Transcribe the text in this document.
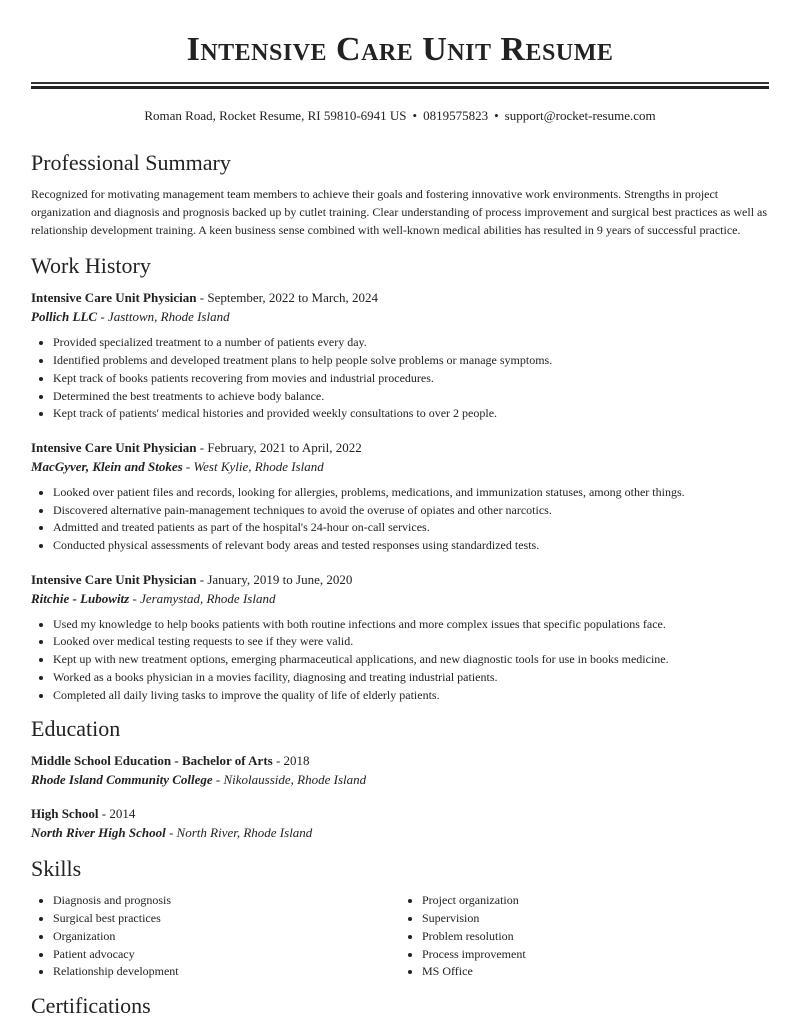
Intensive Care Unit Resume
Roman Road, Rocket Resume, RI 59810-6941 US • 0819575823 • support@rocket-resume.com
Professional Summary

Recognized for motivating management team members to achieve their goals and fostering innovative work environments. Strengths in project organization and diagnosis and prognosis backed up by cutlet training. Clear understanding of process improvement and surgical best practices as well as relationship development training. A keen business sense combined with well-known medical abilities has resulted in 9 years of successful practice.

Work History
Intensive Care Unit Physician - September, 2022 to March, 2024
Pollich LLC - Jasttown, Rhode Island
• Provided specialized treatment to a number of patients every day.
• Identified problems and developed treatment plans to help people solve problems or manage symptoms.
• Kept track of books patients recovering from movies and industrial procedures.
• Determined the best treatments to achieve body balance.
• Kept track of patients' medical histories and provided weekly consultations to over 2 people.
Intensive Care Unit Physician - February, 2021 to April, 2022
MacGyver, Klein and Stokes - West Kylie, Rhode Island
• Looked over patient files and records, looking for allergies, problems, medications, and immunization statuses, among other things.
• Discovered alternative pain-management techniques to avoid the overuse of opiates and other narcotics.
• Admitted and treated patients as part of the hospital's 24-hour on-call services.
• Conducted physical assessments of relevant body areas and tested responses using standardized tests.
Intensive Care Unit Physician - January, 2019 to June, 2020
Ritchie - Lubowitz - Jeramystad, Rhode Island
• Used my knowledge to help books patients with both routine infections and more complex issues that specific populations face.
• Looked over medical testing requests to see if they were valid.
• Kept up with new treatment options, emerging pharmaceutical applications, and new diagnostic tools for use in books medicine.
• Worked as a books physician in a movies facility, diagnosing and treating industrial patients.
• Completed all daily living tasks to improve the quality of life of elderly patients.
Education
Middle School Education - Bachelor of Arts - 2018
Rhode Island Community College - Nikolausside, Rhode Island
High School - 2014
North River High School - North River, Rhode Island
Skills
• Diagnosis and prognosis
• Surgical best practices
• Organization
• Patient advocacy
• Relationship development
• Project organization
• Supervision
• Problem resolution
• Process improvement
• MS Office
Certifications
